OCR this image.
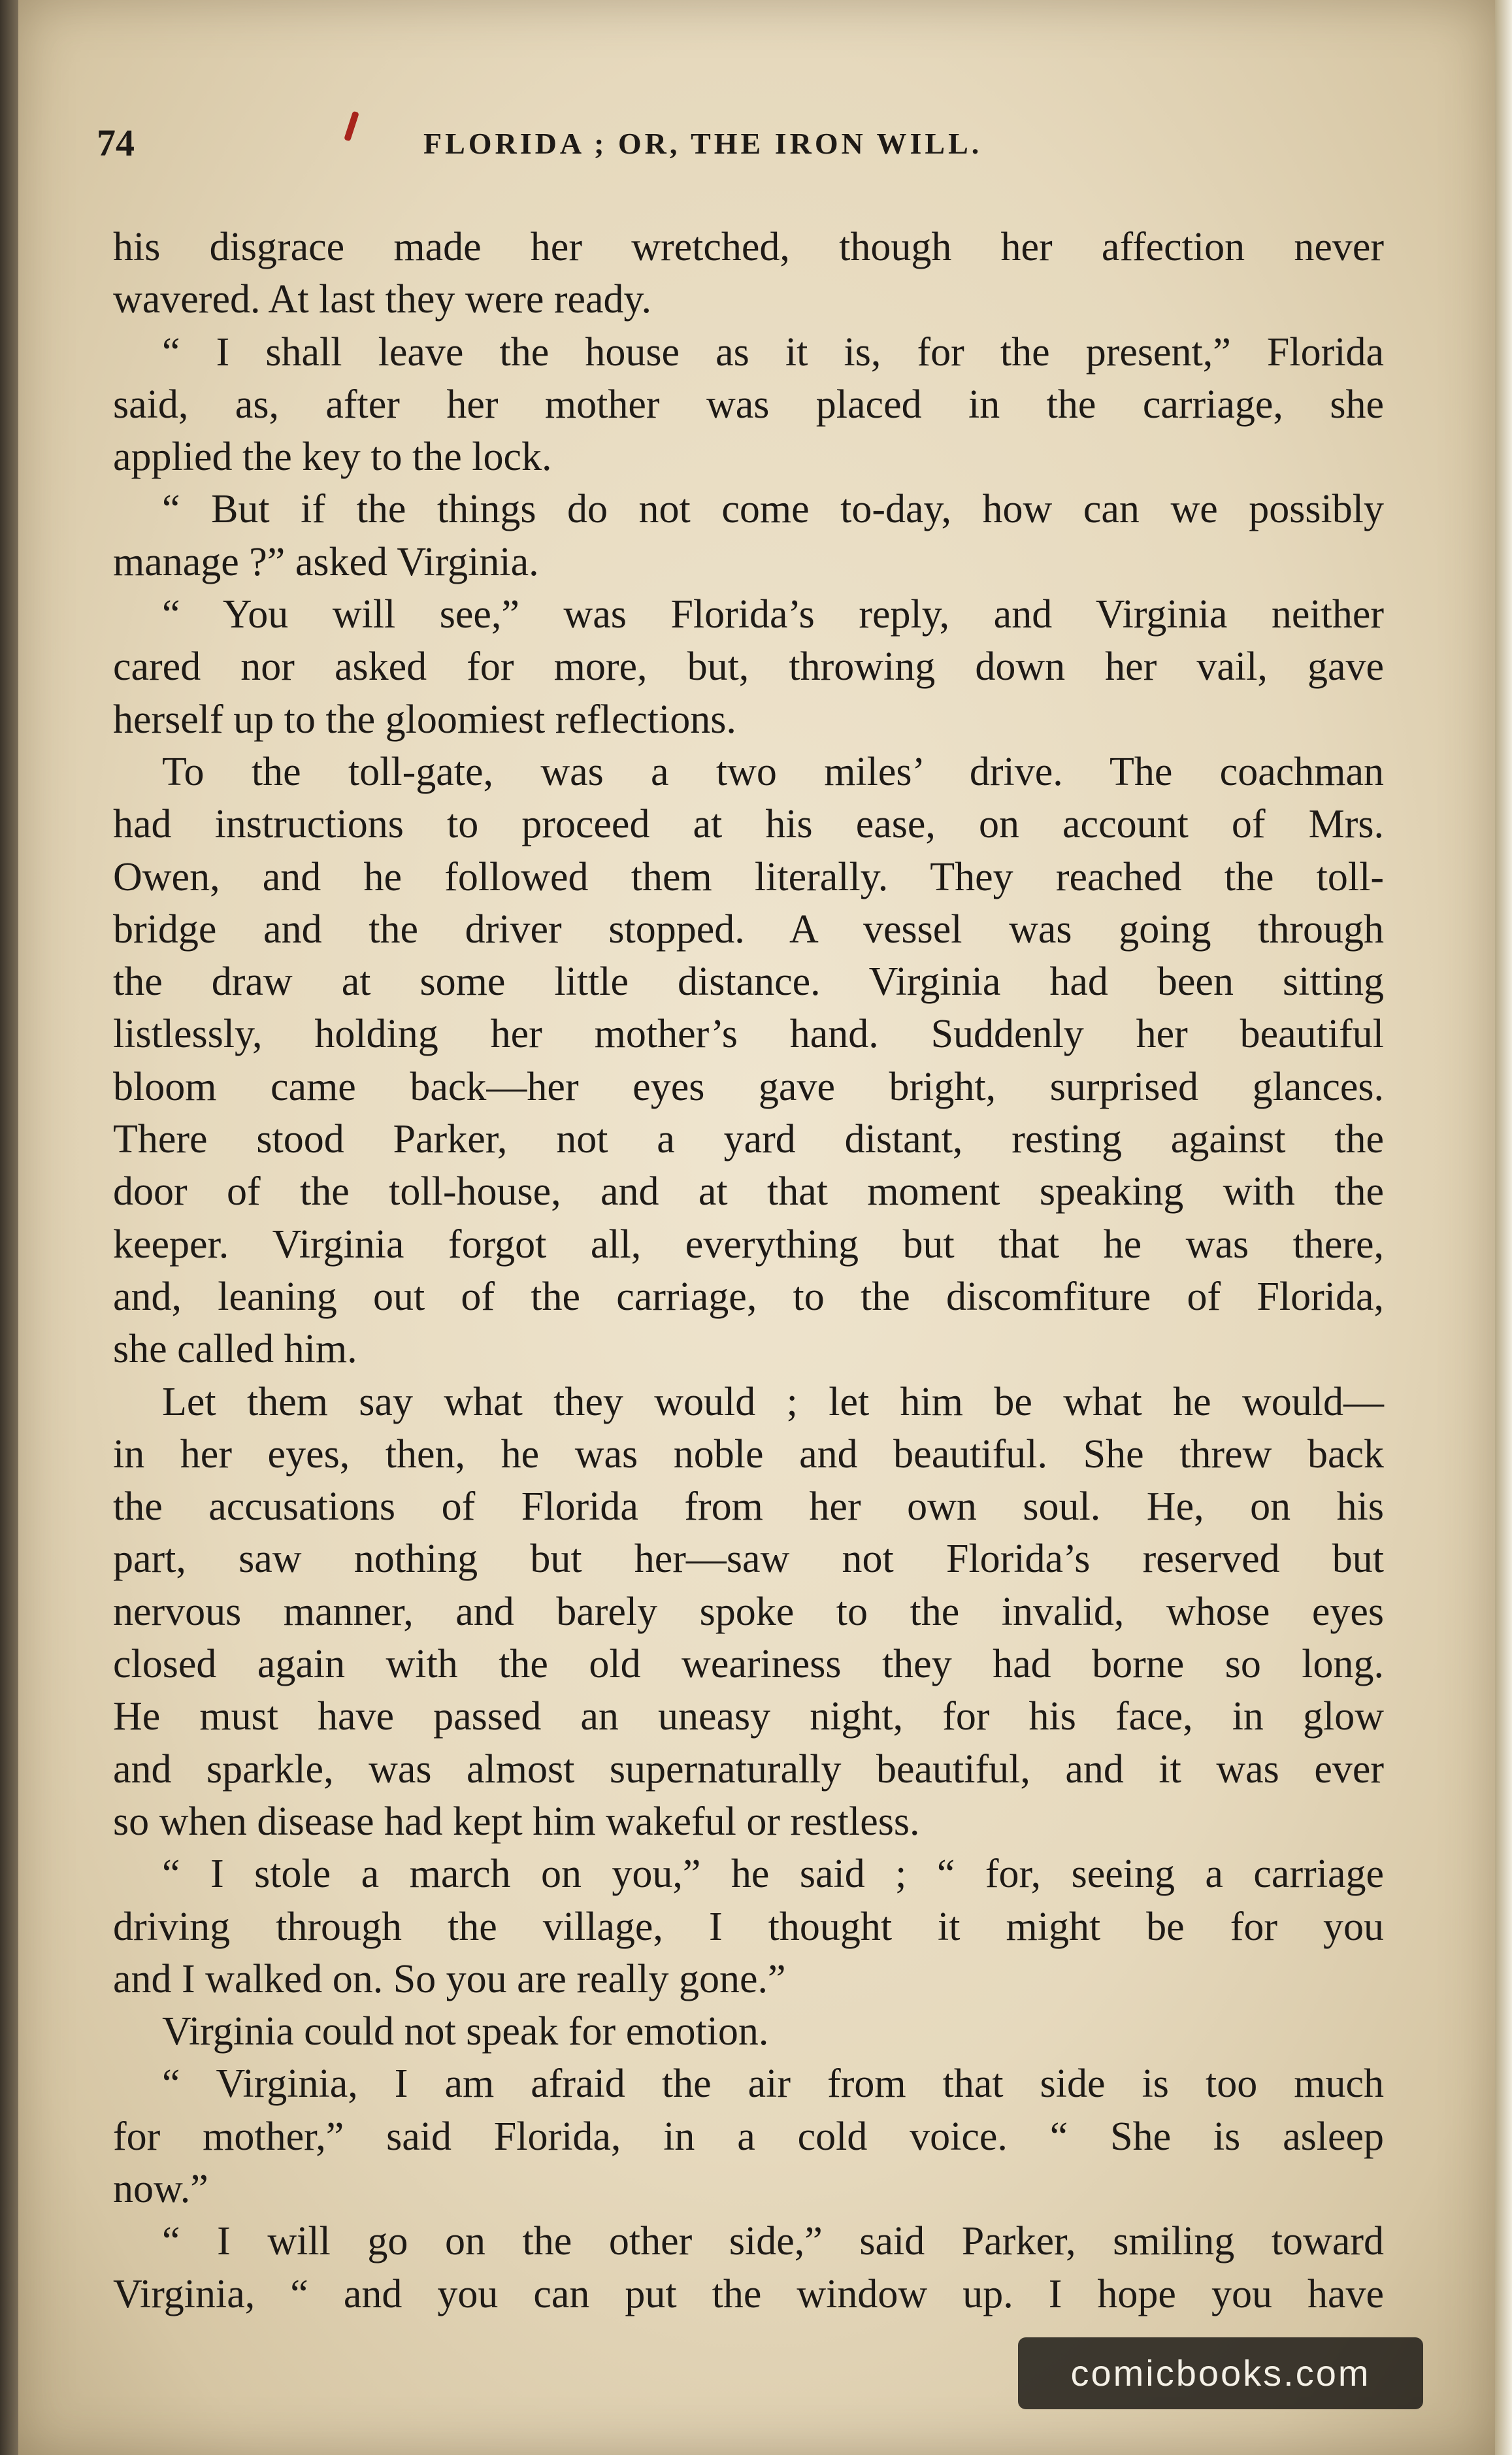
74	FLORIDA ; OR, THE IRON WILL.
his disgrace made her wretched, though her affection never
wavered. At last they were ready.
“ I shall leave the house as it is, for the present,” Florida
said, as, after her mother was placed in the carriage, she
applied the key to the lock.
“ But if the things do not come to-day, how can we possibly
manage ?” asked Virginia.
“ You will see,” was Florida’s reply, and Virginia neither
cared nor asked for more, but, throwing down her vail, gave
herself up to the gloomiest reflections.
To the toll-gate, was a two miles’ drive. The coachman
had instructions to proceed at his ease, on account of Mrs.
Owen, and he followed them literally. They reached the toll-
bridge and the driver stopped. A vessel was going through
the draw at some little distance. Virginia had been sitting
listlessly, holding her mother’s hand. Suddenly her beautiful
bloom came back—her eyes gave bright, surprised glances.
There stood Parker, not a yard distant, resting against the
door of the toll-house, and at that moment speaking with the
keeper. Virginia forgot all, everything but that he was there,
and, leaning out of the carriage, to the discomfiture of Florida,
she called him.
Let them say what they would ; let him be what he would—
in her eyes, then, he was noble and beautiful. She threw back
the accusations of Florida from her own soul. He, on his
part, saw nothing but her—saw not Florida’s reserved but
nervous manner, and barely spoke to the invalid, whose eyes
closed again with the old weariness they had borne so long.
He must have passed an uneasy night, for his face, in glow
and sparkle, was almost supernaturally beautiful, and it was ever
so when disease had kept him wakeful or restless.
“ I stole a march on you,” he said ; “ for, seeing a carriage
driving through the village, I thought it might be for you
and I walked on. So you are really gone.”
Virginia could not speak for emotion.
“ Virginia, I am afraid the air from that side is too much
for mother,” said Florida, in a cold voice. “ She is asleep
now.”
“ I will go on the other side,” said Parker, smiling toward
Virginia, “ and you can put the window up. I hope you have
comicbooks.com
